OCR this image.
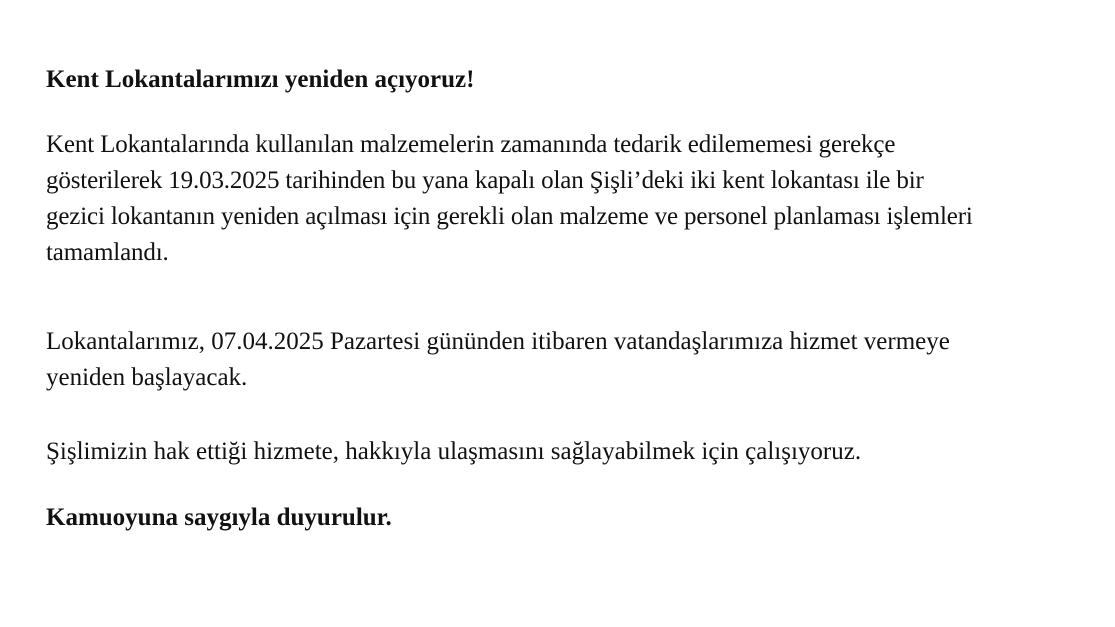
Kent Lokantalarımızı yeniden açıyoruz!

Kent Lokantalarında kullanılan malzemelerin zamanında tedarik edilememesi gerekçe
gösterilerek 19.03.2025 tarihinden bu yana kapalı olan Şişli’deki iki kent lokantası ile bir
gezici lokantanın yeniden açılması için gerekli olan malzeme ve personel planlaması işlemleri
tamamlandı.

Lokantalarımız, 07.04.2025 Pazartesi gününden itibaren vatandaşlarımıza hizmet vermeye
yeniden başlayacak.

Şişlimizin hak ettiği hizmete, hakkıyla ulaşmasını sağlayabilmek için çalışıyoruz.

Kamuoyuna saygıyla duyurulur.
